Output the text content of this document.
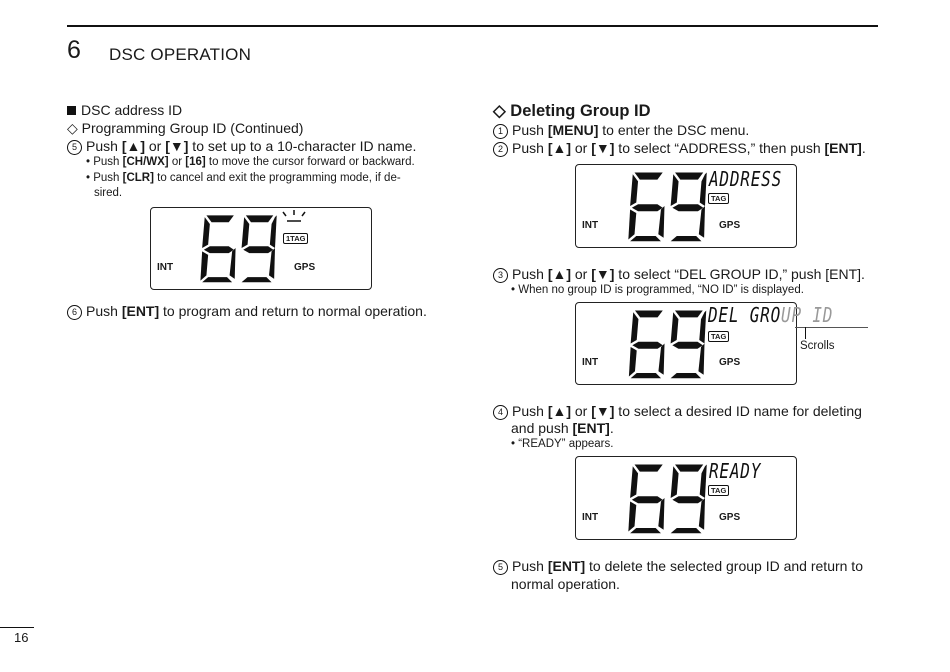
6 DSC OPERATION
DSC address ID
◇ Programming Group ID (Continued)
5 Push [▲] or [▼] to set up to a 10-character ID name.
• Push [CH/WX] or [16] to move the cursor forward or backward.
• Push [CLR] to cancel and exit the programming mode, if de-
sired.
1TAG
INT	GPS
6 Push [ENT] to program and return to normal operation.
◇ Deleting Group ID
1 Push [MENU] to enter the DSC menu.
2 Push [▲] or [▼] to select “ADDRESS,” then push [ENT].
ADDRESS
TAG
INT	GPS
3 Push [▲] or [▼] to select “DEL GROUP ID,” push [ENT].
• When no group ID is programmed, “NO ID” is displayed.
TAG
INT	GPS
DEL GROUP ID
Scrolls
4 Push [▲] or [▼] to select a desired ID name for deleting
and push [ENT].
• “READY” appears.
READY
TAG
INT	GPS
5 Push [ENT] to delete the selected group ID and return to
normal operation.
16
